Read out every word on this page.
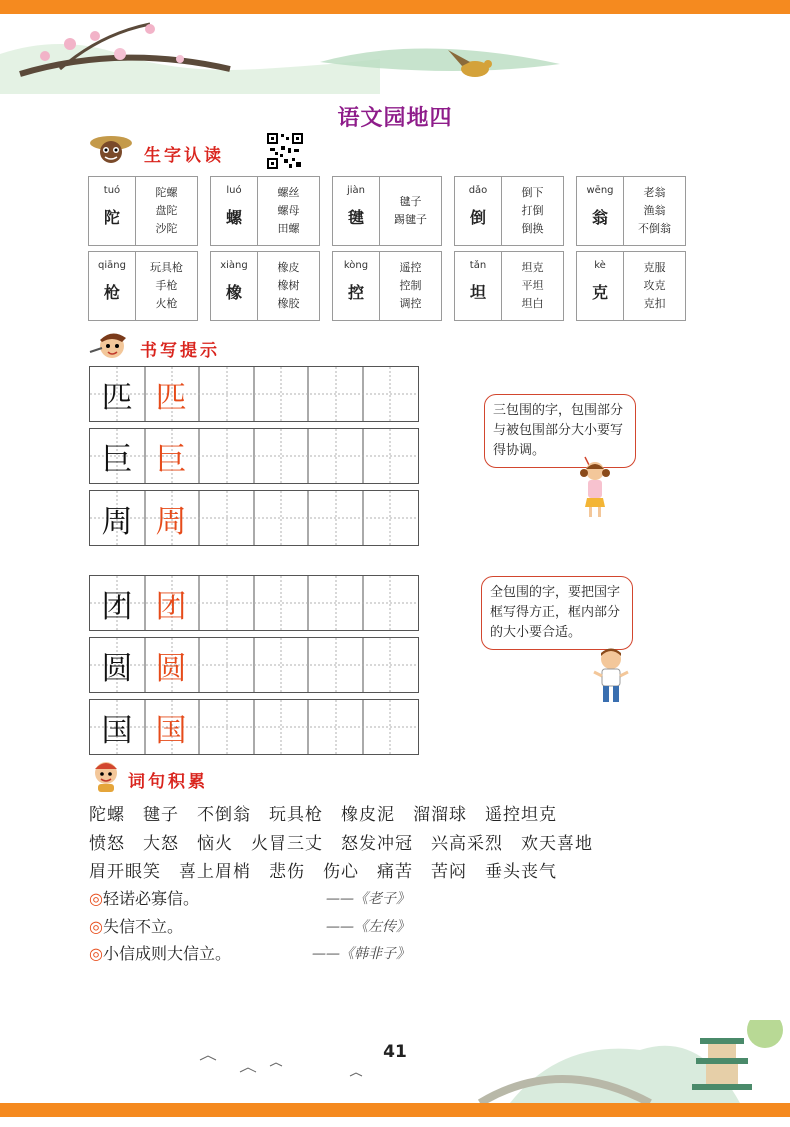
语文园地四
生字认读
tuó
陀
陀螺
盘陀
沙陀
luó
螺
螺丝
螺母
田螺
jiàn
毽
毽子
踢毽子
dǎo
倒
倒下
打倒
倒换
wēng
翁
老翁
渔翁
不倒翁
qiāng
枪
玩具枪
手枪
火枪
xiàng
橡
橡皮
橡树
橡胶
kòng
控
遥控
控制
调控
tǎn
坦
坦克
平坦
坦白
kè
克
克服
攻克
克扣
书写提示
匹 匹
巨 巨
周 周
团 团
圆 圆
国 国
三包围的字，包围部分与被包围部分大小要写得协调。
全包围的字，要把国字框写得方正，框内部分的大小要合适。
词句积累
陀螺 毽子 不倒翁 玩具枪 橡皮泥 溜溜球 遥控坦克
愤怒 大怒 恼火 火冒三丈 怒发冲冠 兴高采烈 欢天喜地
眉开眼笑 喜上眉梢 悲伤 伤心 痛苦 苦闷 垂头丧气
◎轻诺必寡信。	——《老子》
◎失信不立。	——《左传》
◎小信成则大信立。	——《韩非子》
41
